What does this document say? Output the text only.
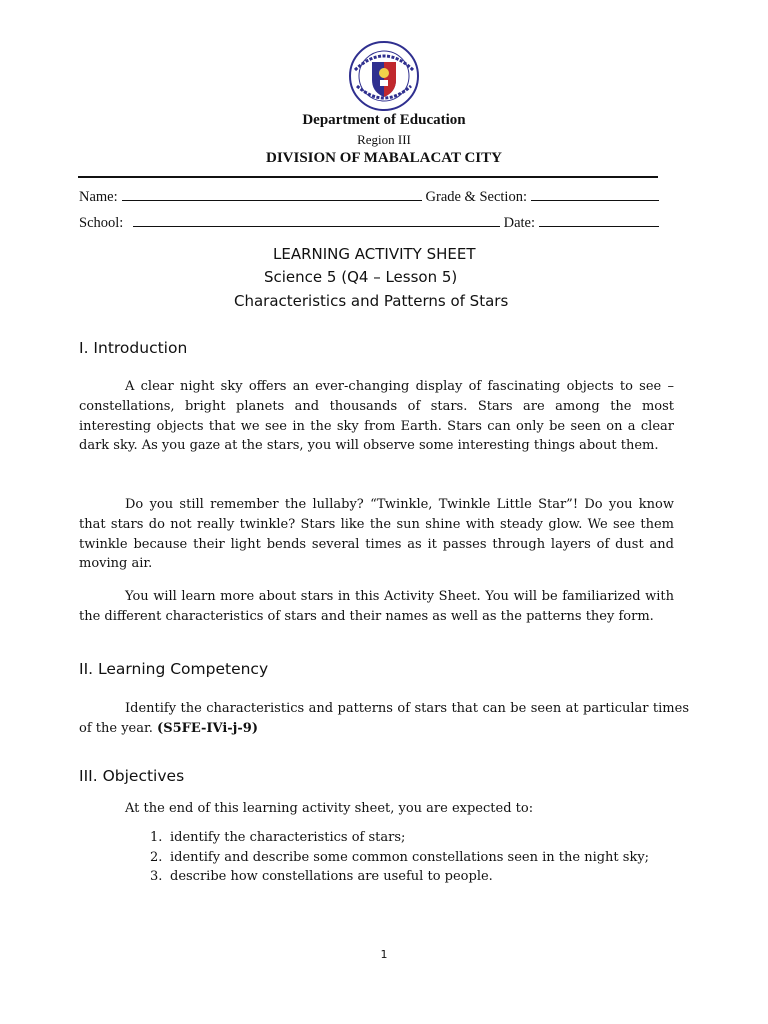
Department of Education
Region III
DIVISION OF MABALACAT CITY
Name:	Grade & Section:
School:	Date:
LEARNING ACTIVITY SHEET
Science 5 (Q4 – Lesson 5)
Characteristics and Patterns of Stars
I. Introduction
A clear night sky offers an ever-changing display of fascinating objects to see – constellations, bright planets and thousands of stars. Stars are among the most interesting objects that we see in the sky from Earth. Stars can only be seen on a clear dark sky. As you gaze at the stars, you will observe some interesting things about them.
Do you still remember the lullaby? “Twinkle, Twinkle Little Star”! Do you know that stars do not really twinkle? Stars like the sun shine with steady glow. We see them twinkle because their light bends several times as it passes through layers of dust and moving air.
You will learn more about stars in this Activity Sheet. You will be familiarized with the different characteristics of stars and their names as well as the patterns they form.
II. Learning Competency
Identify the characteristics and patterns of stars that can be seen at particular times of the year. (S5FE-IVi-j-9)
III. Objectives
At the end of this learning activity sheet, you are expected to:
1. identify the characteristics of stars;
2. identify and describe some common constellations seen in the night sky;
3. describe how constellations are useful to people.
1
